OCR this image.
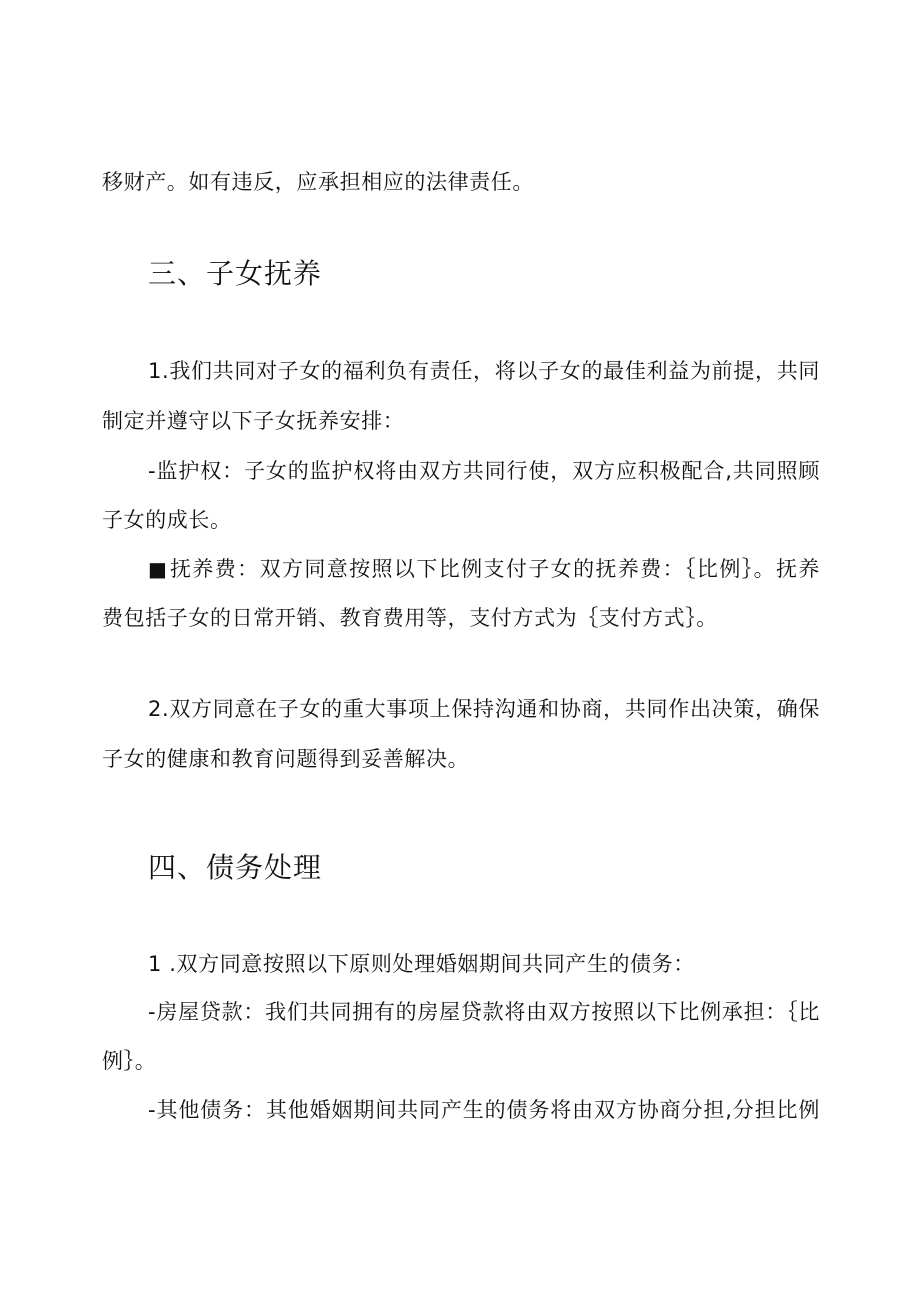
移财产。如有违反，应承担相应的法律责任。
三、子女抚养
1.我们共同对子女的福利负有责任，将以子女的最佳利益为前提，共同
制定并遵守以下子女抚养安排：
-监护权：子女的监护权将由双方共同行使，双方应积极配合,共同照顾
子女的成长。
■ 抚养费：双方同意按照以下比例支付子女的抚养费：｛比例｝。抚养
费包括子女的日常开销、教育费用等，支付方式为｛支付方式｝。
2.双方同意在子女的重大事项上保持沟通和协商，共同作出决策，确保
子女的健康和教育问题得到妥善解决。
四、债务处理
1 .双方同意按照以下原则处理婚姻期间共同产生的债务：
-房屋贷款：我们共同拥有的房屋贷款将由双方按照以下比例承担：｛比
例｝。
-其他债务：其他婚姻期间共同产生的债务将由双方协商分担,分担比例
